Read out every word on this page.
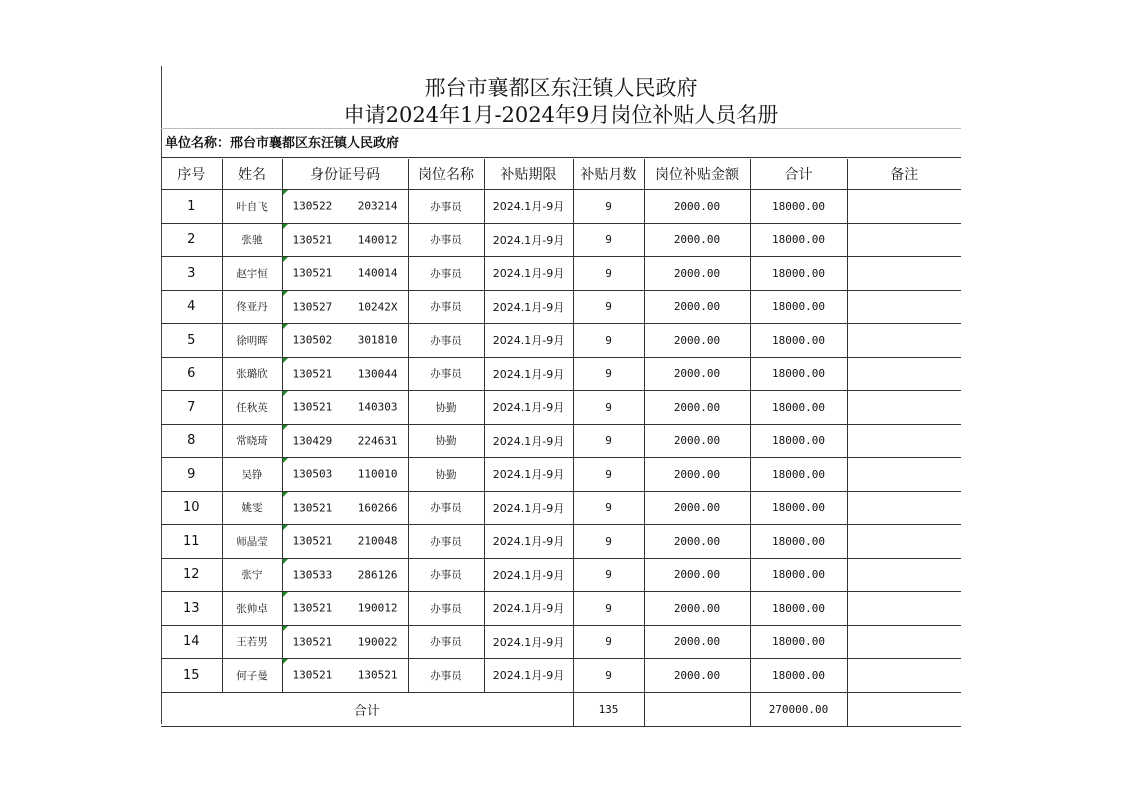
邢台市襄都区东汪镇人民政府
申请2024年1月-2024年9月岗位补贴人员名册
单位名称：邢台市襄都区东汪镇人民政府
序号	姓名	身份证号码	岗位名称	补贴期限	补贴月数	岗位补贴金额	合计	备注
1	叶自飞	130522 203214	办事员	2024.1月-9月	9	2000.00	18000.00	
2	张驰	130521 140012	办事员	2024.1月-9月	9	2000.00	18000.00	
3	赵宇恒	130521 140014	办事员	2024.1月-9月	9	2000.00	18000.00	
4	佟亚丹	130527 10242X	办事员	2024.1月-9月	9	2000.00	18000.00	
5	徐明晖	130502 301810	办事员	2024.1月-9月	9	2000.00	18000.00	
6	张璐欣	130521 130044	办事员	2024.1月-9月	9	2000.00	18000.00	
7	任秋英	130521 140303	协勤	2024.1月-9月	9	2000.00	18000.00	
8	常晓琦	130429 224631	协勤	2024.1月-9月	9	2000.00	18000.00	
9	吴铮	130503 110010	协勤	2024.1月-9月	9	2000.00	18000.00	
10	姚雯	130521 160266	办事员	2024.1月-9月	9	2000.00	18000.00	
11	师晶莹	130521 210048	办事员	2024.1月-9月	9	2000.00	18000.00	
12	张宁	130533 286126	办事员	2024.1月-9月	9	2000.00	18000.00	
13	张帅卓	130521 190012	办事员	2024.1月-9月	9	2000.00	18000.00	
14	王若男	130521 190022	办事员	2024.1月-9月	9	2000.00	18000.00	
15	何子曼	130521 130521	办事员	2024.1月-9月	9	2000.00	18000.00	
合计					135		270000.00	
